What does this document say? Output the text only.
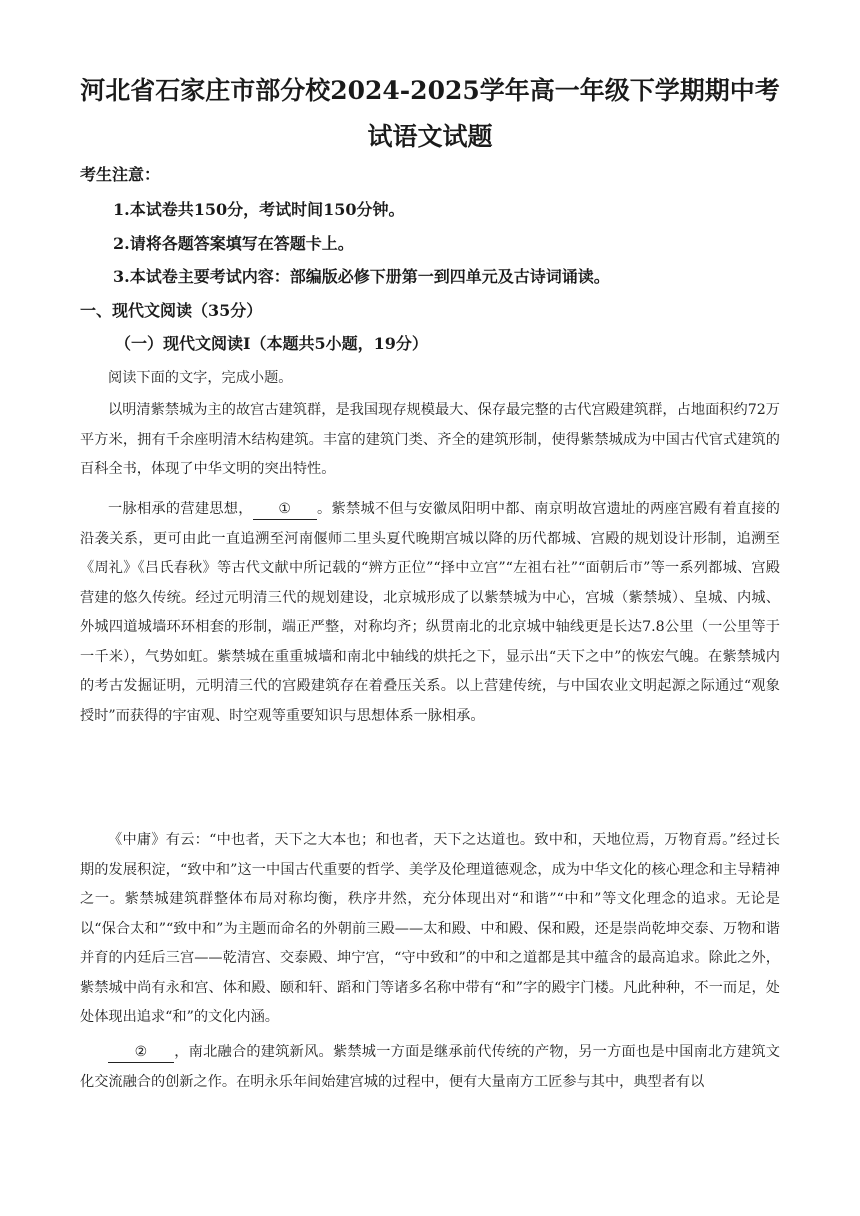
河北省石家庄市部分校2024-2025学年高一年级下学期期中考试语文试题
考生注意：
1.本试卷共150分，考试时间150分钟。
2.请将各题答案填写在答题卡上。
3.本试卷主要考试内容：部编版必修下册第一到四单元及古诗词诵读。
一、现代文阅读（35分）
（一）现代文阅读Ⅰ（本题共5小题，19分）
阅读下面的文字，完成小题。
以明清紫禁城为主的故宫古建筑群，是我国现存规模最大、保存最完整的古代宫殿建筑群，占地面积约72万平方米，拥有千余座明清木结构建筑。丰富的建筑门类、齐全的建筑形制，使得紫禁城成为中国古代官式建筑的百科全书，体现了中华文明的突出特性。
一脉相承的营建思想， ① 。紫禁城不但与安徽凤阳明中都、南京明故宫遗址的两座宫殿有着直接的沿袭关系，更可由此一直追溯至河南偃师二里头夏代晚期宫城以降的历代都城、宫殿的规划设计形制，追溯至《周礼》《吕氏春秋》等古代文献中所记载的“辨方正位”“择中立宫”“左祖右社”“面朝后市”等一系列都城、宫殿营建的悠久传统。经过元明清三代的规划建设，北京城形成了以紫禁城为中心，宫城（紫禁城）、皇城、内城、外城四道城墙环环相套的形制，端正严整，对称均齐；纵贯南北的北京城中轴线更是长达7.8公里（一公里等于一千米），气势如虹。紫禁城在重重城墙和南北中轴线的烘托之下，显示出“天下之中”的恢宏气魄。在紫禁城内的考古发掘证明，元明清三代的宫殿建筑存在着叠压关系。以上营建传统，与中国农业文明起源之际通过“观象授时”而获得的宇宙观、时空观等重要知识与思想体系一脉相承。
《中庸》有云：“中也者，天下之大本也；和也者，天下之达道也。致中和，天地位焉，万物育焉。”经过长期的发展积淀，“致中和”这一中国古代重要的哲学、美学及伦理道德观念，成为中华文化的核心理念和主导精神之一。紫禁城建筑群整体布局对称均衡，秩序井然，充分体现出对“和谐”“中和”等文化理念的追求。无论是以“保合太和”“致中和”为主题而命名的外朝前三殿——太和殿、中和殿、保和殿，还是崇尚乾坤交泰、万物和谐并育的内廷后三宫——乾清宫、交泰殿、坤宁宫，“守中致和”的中和之道都是其中蕴含的最高追求。除此之外，紫禁城中尚有永和宫、体和殿、颐和轩、蹈和门等诸多名称中带有“和”字的殿宇门楼。凡此种种，不一而足，处处体现出追求“和”的文化内涵。
② ，南北融合的建筑新风。紫禁城一方面是继承前代传统的产物，另一方面也是中国南北方建筑文化交流融合的创新之作。在明永乐年间始建宫城的过程中，便有大量南方工匠参与其中，典型者有以
